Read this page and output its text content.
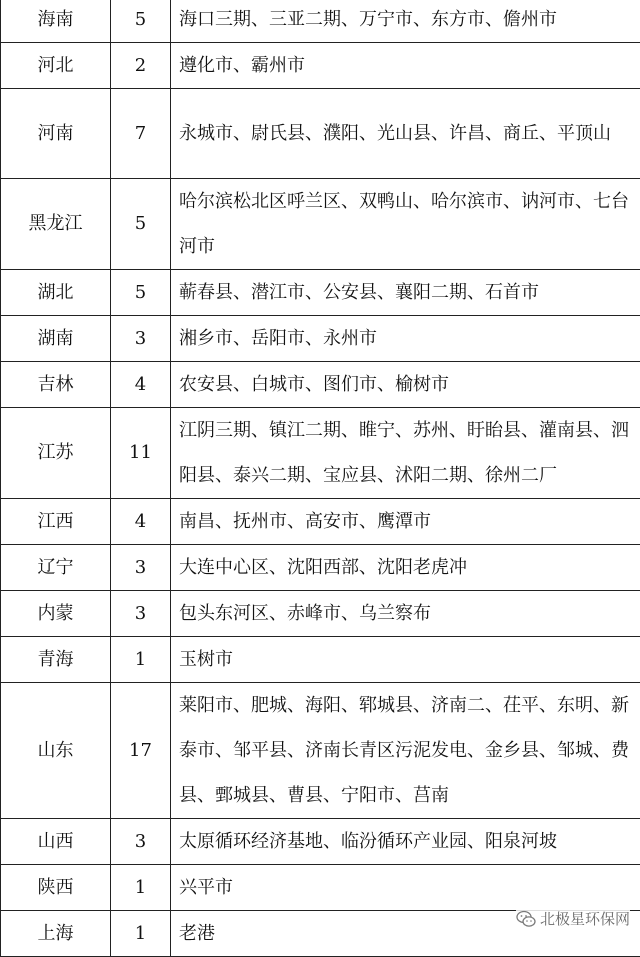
海南	5	海口三期、三亚二期、万宁市、东方市、儋州市
河北	2	遵化市、霸州市
河南	7	永城市、尉氏县、濮阳、光山县、许昌、商丘、平顶山
黑龙江	5	哈尔滨松北区呼兰区、双鸭山、哈尔滨市、讷河市、七台河市
湖北	5	蕲春县、潜江市、公安县、襄阳二期、石首市
湖南	3	湘乡市、岳阳市、永州市
吉林	4	农安县、白城市、图们市、榆树市
江苏	11	江阴三期、镇江二期、睢宁、苏州、盱眙县、灌南县、泗阳县、泰兴二期、宝应县、沭阳二期、徐州二厂
江西	4	南昌、抚州市、高安市、鹰潭市
辽宁	3	大连中心区、沈阳西部、沈阳老虎冲
内蒙	3	包头东河区、赤峰市、乌兰察布
青海	1	玉树市
山东	17	莱阳市、肥城、海阳、郓城县、济南二、茌平、东明、新泰市、邹平县、济南长青区污泥发电、金乡县、邹城、费县、鄄城县、曹县、宁阳市、莒南
山西	3	太原循环经济基地、临汾循环产业园、阳泉河坡
陕西	1	兴平市
上海	1	老港
北极星环保网
